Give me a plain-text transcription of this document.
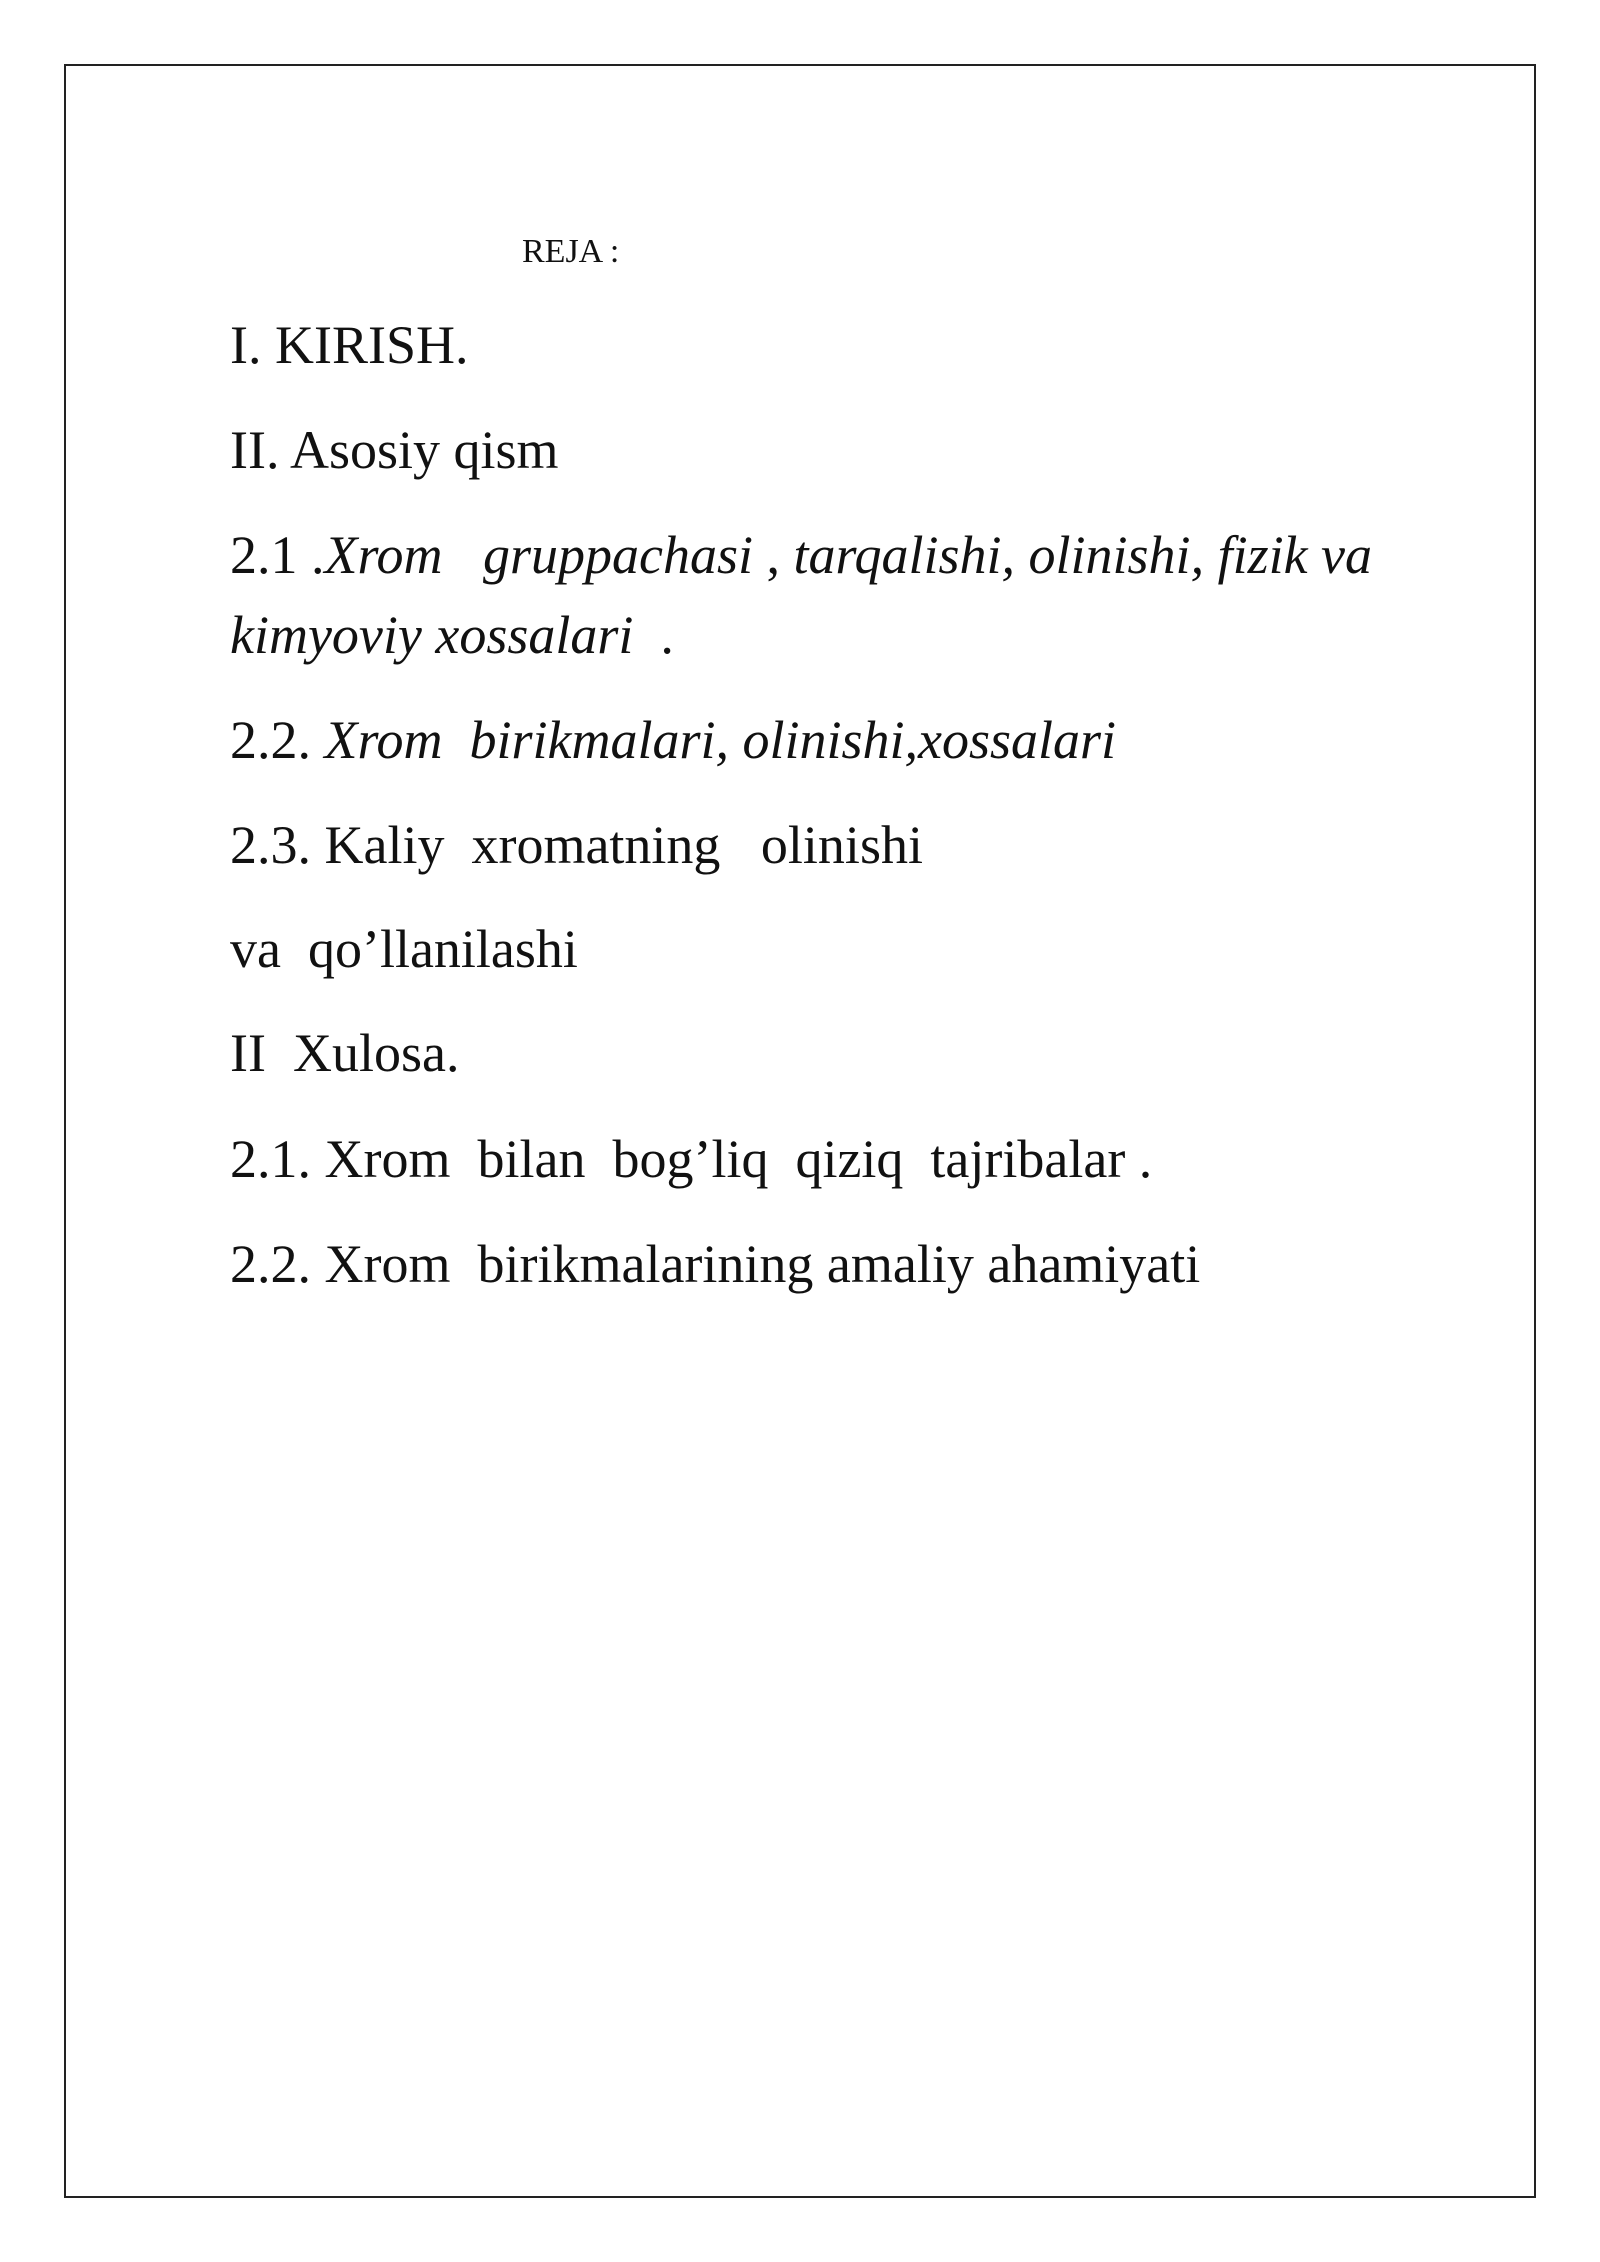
REJA :
I. KIRISH.
II. Asosiy qism
2.1 .Xrom   gruppachasi , tarqalishi, olinishi, fizik va
kimyoviy xossalari  .
2.2. Xrom  birikmalari, olinishi,xossalari
2.3. Kaliy  xromatning   olinishi
va  qo’llanilashi
II  Xulosa.
2.1. Xrom  bilan  bog’liq  qiziq  tajribalar .
2.2. Xrom  birikmalarining amaliy ahamiyati
